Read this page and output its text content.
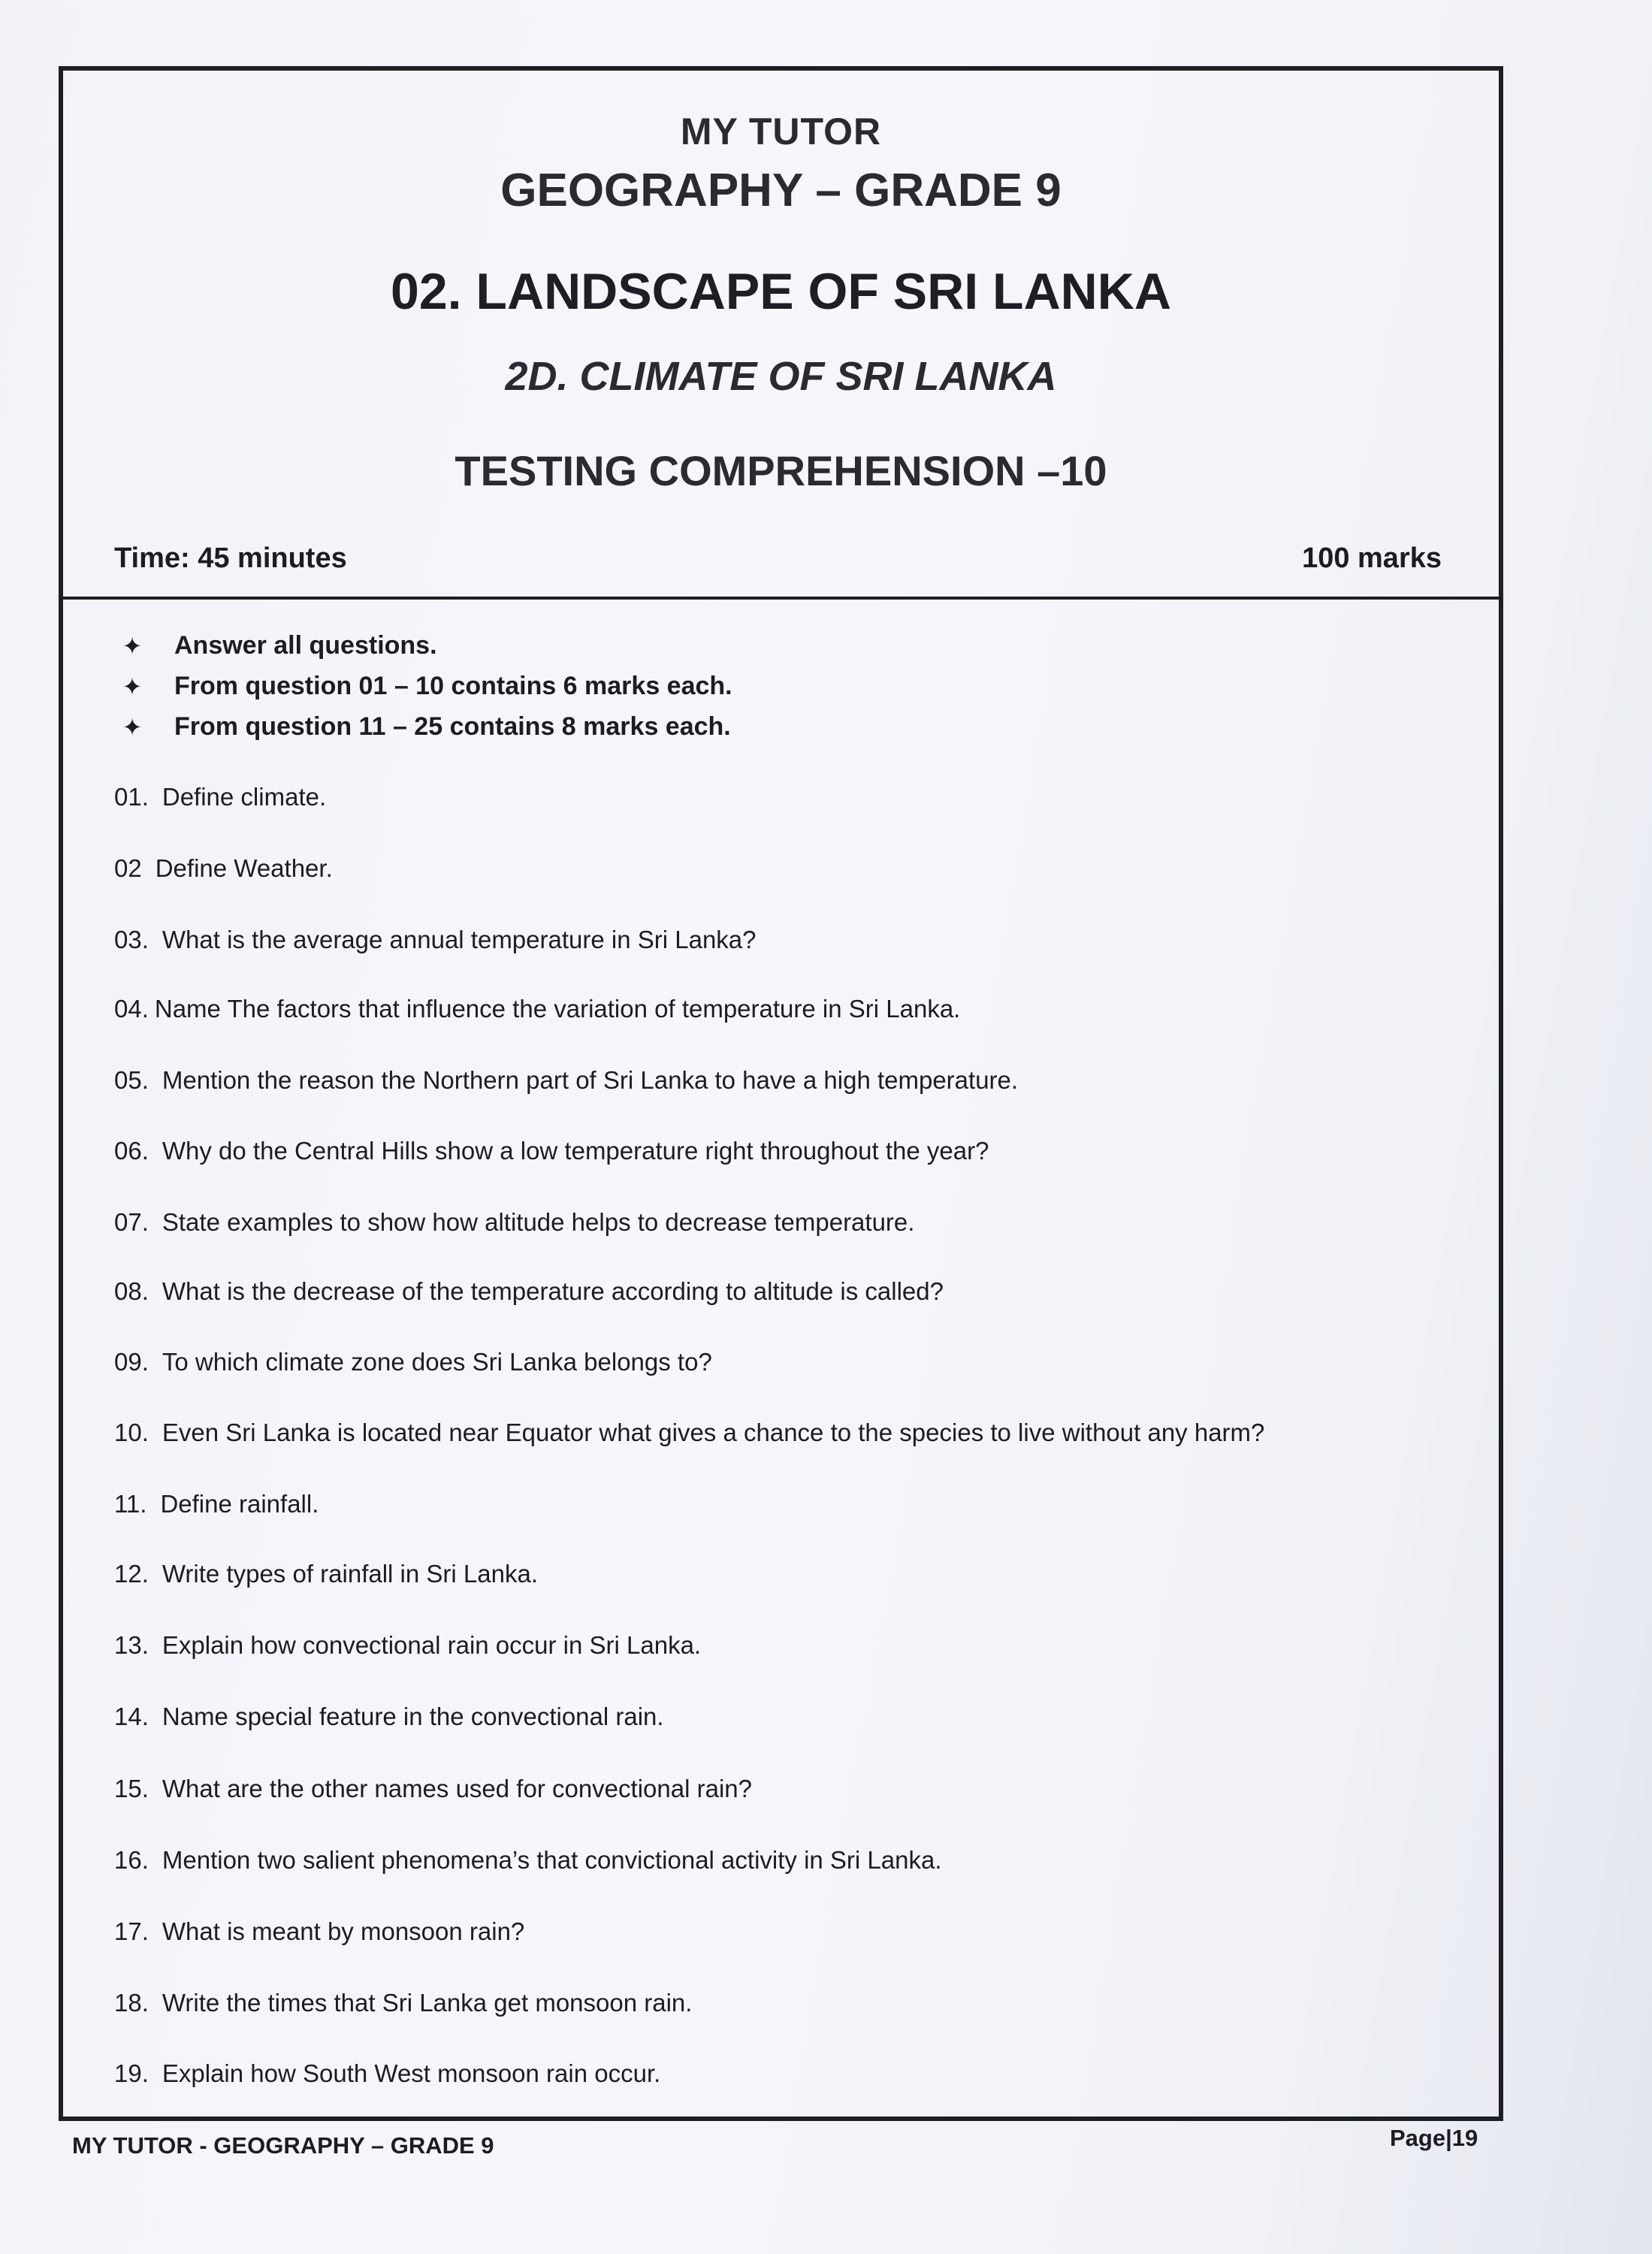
MY TUTOR
GEOGRAPHY – GRADE 9
02. LANDSCAPE OF SRI LANKA
2D. CLIMATE OF SRI LANKA
TESTING COMPREHENSION –10
Time: 45 minutes	100 marks
✦ Answer all questions.
✦ From question 01 – 10 contains 6 marks each.
✦ From question 11 – 25 contains 8 marks each.
01. Define climate.
02 Define Weather.
03. What is the average annual temperature in Sri Lanka?
04. Name The factors that influence the variation of temperature in Sri Lanka.
05. Mention the reason the Northern part of Sri Lanka to have a high temperature.
06. Why do the Central Hills show a low temperature right throughout the year?
07. State examples to show how altitude helps to decrease temperature.
08. What is the decrease of the temperature according to altitude is called?
09. To which climate zone does Sri Lanka belongs to?
10. Even Sri Lanka is located near Equator what gives a chance to the species to live without any harm?
11. Define rainfall.
12. Write types of rainfall in Sri Lanka.
13. Explain how convectional rain occur in Sri Lanka.
14. Name special feature in the convectional rain.
15. What are the other names used for convectional rain?
16. Mention two salient phenomena’s that convictional activity in Sri Lanka.
17. What is meant by monsoon rain?
18. Write the times that Sri Lanka get monsoon rain.
19. Explain how South West monsoon rain occur.
MY TUTOR - GEOGRAPHY – GRADE 9	Page|19
